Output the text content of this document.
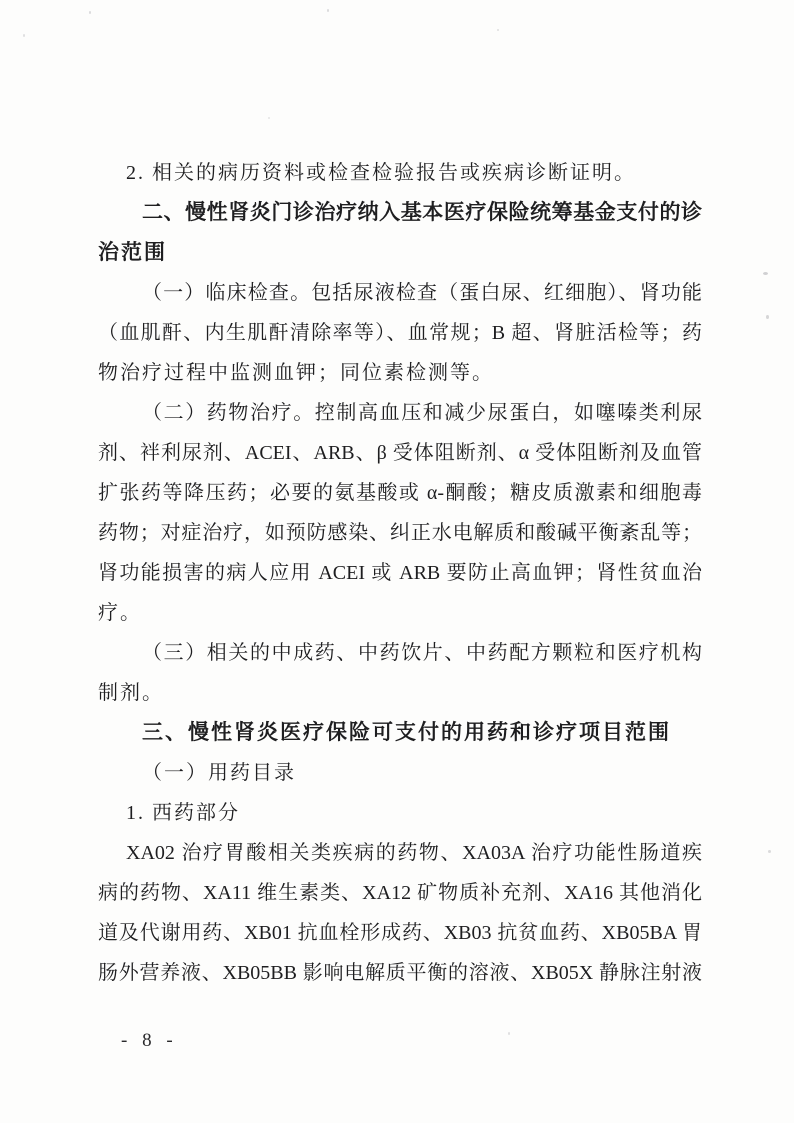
2. 相关的病历资料或检查检验报告或疾病诊断证明。
二、慢性肾炎门诊治疗纳入基本医疗保险统筹基金支付的诊
治范围
（一）临床检查。包括尿液检查（蛋白尿、红细胞）、肾功能
（血肌酐、内生肌酐清除率等）、血常规；B 超、肾脏活检等；药
物治疗过程中监测血钾；同位素检测等。
（二）药物治疗。控制高血压和减少尿蛋白，如噻嗪类利尿
剂、袢利尿剂、ACEI、ARB、β 受体阻断剂、α 受体阻断剂及血管
扩张药等降压药；必要的氨基酸或 α-酮酸；糖皮质激素和细胞毒
药物；对症治疗，如预防感染、纠正水电解质和酸碱平衡紊乱等；
肾功能损害的病人应用 ACEI 或 ARB 要防止高血钾；肾性贫血治
疗。
（三）相关的中成药、中药饮片、中药配方颗粒和医疗机构
制剂。
三、慢性肾炎医疗保险可支付的用药和诊疗项目范围
（一）用药目录
1. 西药部分
XA02 治疗胃酸相关类疾病的药物、XA03A 治疗功能性肠道疾
病的药物、XA11 维生素类、XA12 矿物质补充剂、XA16 其他消化
道及代谢用药、XB01 抗血栓形成药、XB03 抗贫血药、XB05BA 胃
肠外营养液、XB05BB 影响电解质平衡的溶液、XB05X 静脉注射液
- 8 -
